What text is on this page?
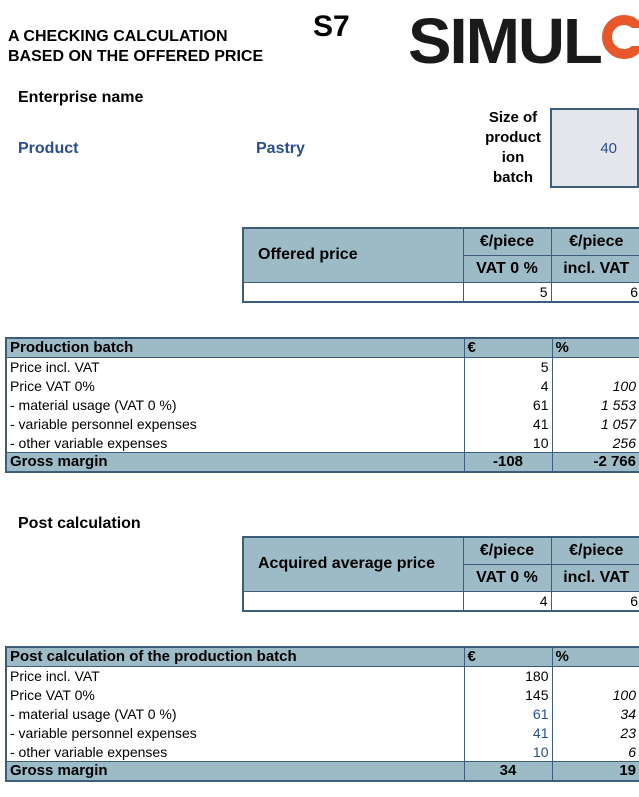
A CHECKING CALCULATION
BASED ON THE OFFERED PRICE
S7 SIMUL
Enterprise name
Product	Pastry
Size of
product
ion
batch
40
Offered price	€/piece	€/piece
	VAT 0 %	incl. VAT
	5	6
Production batch	€	%
Price incl. VAT	5	
Price VAT 0%	4	100
- material usage (VAT 0 %)	61	1 553
- variable personnel expenses	41	1 057
- other variable expenses	10	256
Gross margin	-108	-2 766
Post calculation
Acquired average price	€/piece	€/piece
	VAT 0 %	incl. VAT
	4	6
Post calculation of the production batch	€	%
Price incl. VAT	180	
Price VAT 0%	145	100
- material usage (VAT 0 %)	61	34
- variable personnel expenses	41	23
- other variable expenses	10	6
Gross margin	34	19
